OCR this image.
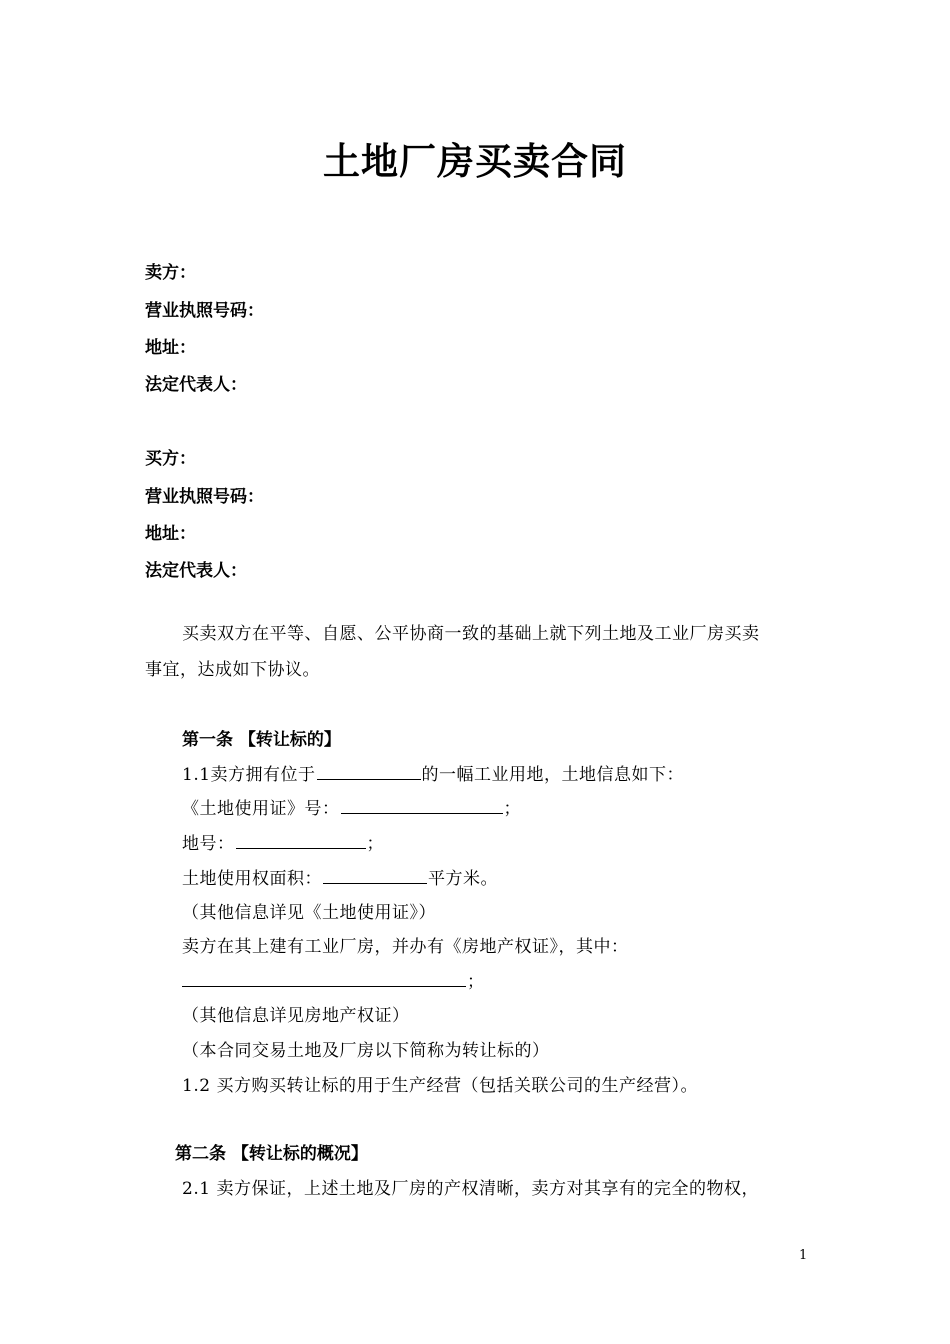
土地厂房买卖合同
卖方：
营业执照号码：
地址：
法定代表人：
买方：
营业执照号码：
地址：
法定代表人：
买卖双方在平等、自愿、公平协商一致的基础上就下列土地及工业厂房买卖
事宜，达成如下协议。
第一条 【转让标的】
1.1卖方拥有位于	的一幅工业用地，土地信息如下：
《土地使用证》号：	；
地号：	；
土地使用权面积：	平方米。
（其他信息详见《土地使用证》）
卖方在其上建有工业厂房，并办有《房地产权证》，其中：
；
（其他信息详见房地产权证）
（本合同交易土地及厂房以下简称为转让标的）
1.2 买方购买转让标的用于生产经营（包括关联公司的生产经营）。
第二条 【转让标的概况】
2.1 卖方保证，上述土地及厂房的产权清晰，卖方对其享有的完全的物权，
1
